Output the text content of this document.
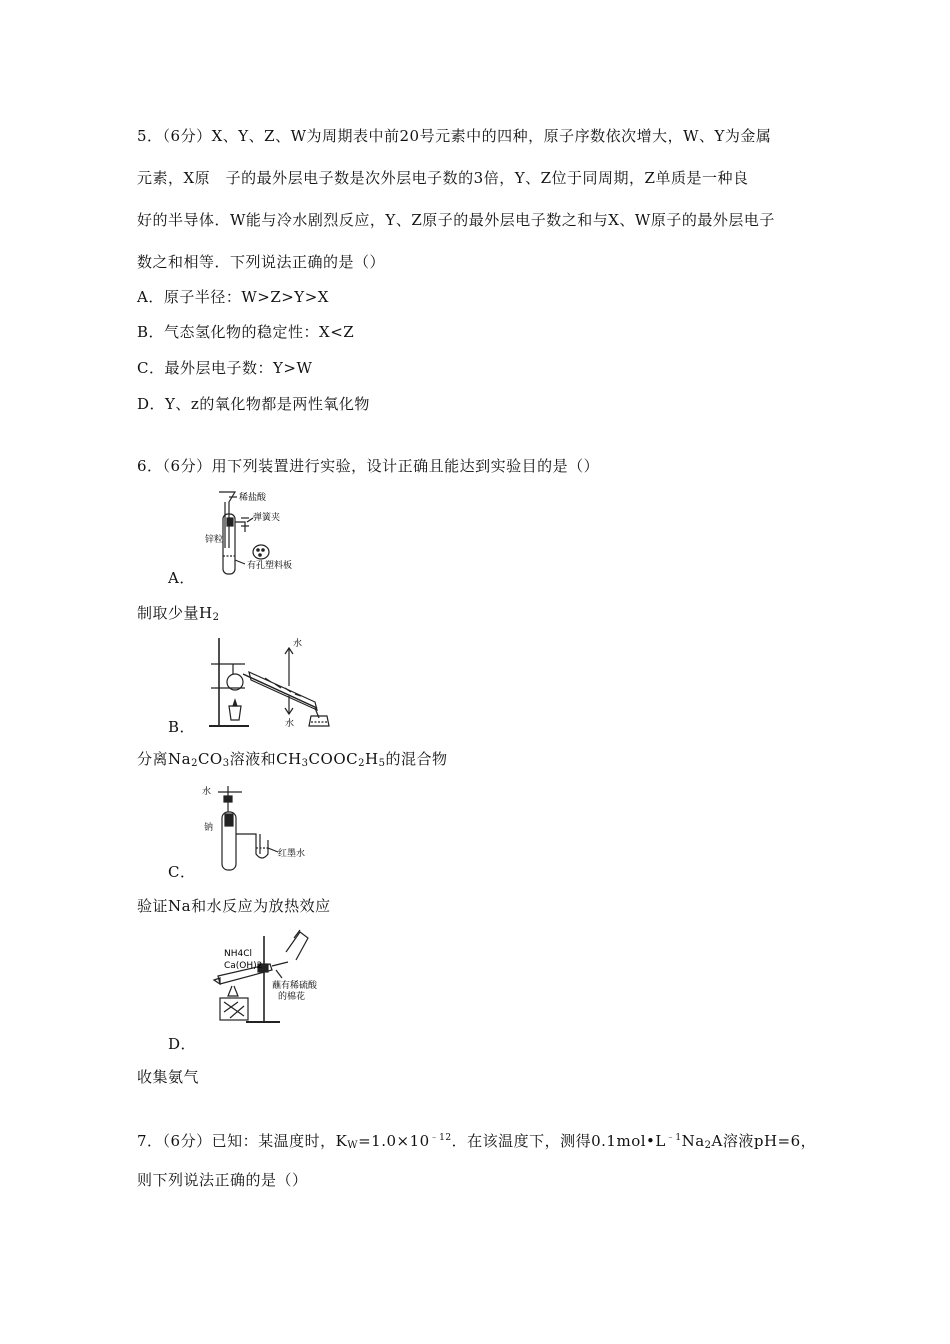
5．（6分）X、Y、Z、W为周期表中前20号元素中的四种，原子序数依次增大，W、Y为金属
元素，X原　子的最外层电子数是次外层电子数的3倍，Y、Z位于同周期，Z单质是一种良
好的半导体．W能与冷水剧烈反应，Y、Z原子的最外层电子数之和与X、W原子的最外层电子
数之和相等．下列说法正确的是（）
A．原子半径：W>Z>Y>X
B．气态氢化物的稳定性：X<Z
C．最外层电子数：Y>W
D．Y、z的氧化物都是两性氧化物
6．（6分）用下列装置进行实验，设计正确且能达到实验目的是（）
稀盐酸
弹簧夹
锌粒
有孔塑料板
A．
制取少量$H_2$
水
水
B．
分离$Na_2CO_3$溶液和$CH_3COOC_2H_5$的混合物
水
钠
红墨水
C．
验证Na和水反应为放热效应
NH4Cl
Ca(OH)2
蘸有稀硫酸
的棉花
D．
收集氨气
7．（6分）已知：某温度时，$K_W=1.0\times 10^{﹣12}$．在该温度下，测得$0.1mol•L^{﹣1}Na_2A$溶液pH=6，
则下列说法正确的是（）
